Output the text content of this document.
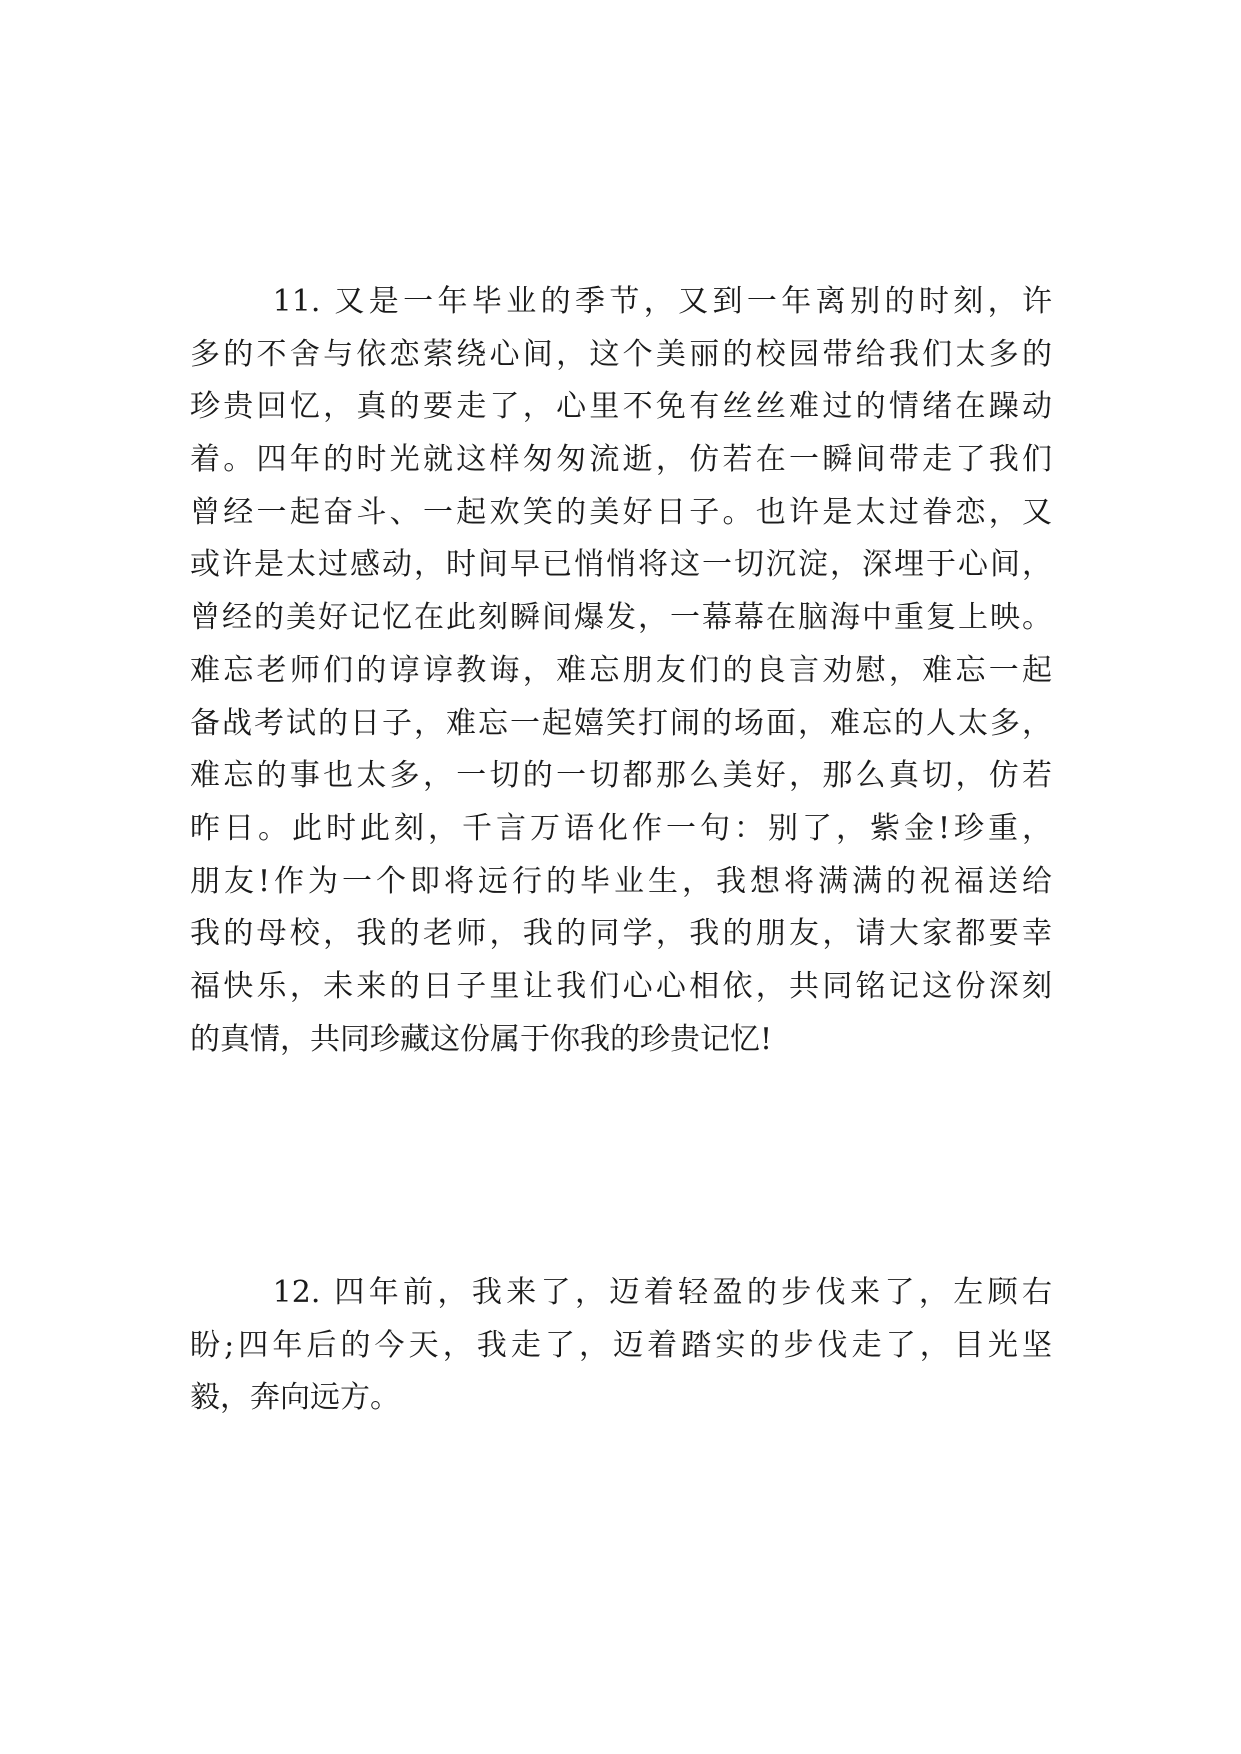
　　 11. 又是一年毕业的季节，又到一年离别的时刻，许
多的不舍与依恋萦绕心间，这个美丽的校园带给我们太多的
珍贵回忆，真的要走了，心里不免有丝丝难过的情绪在躁动
着。四年的时光就这样匆匆流逝，仿若在一瞬间带走了我们
曾经一起奋斗、一起欢笑的美好日子。也许是太过眷恋，又
或许是太过感动，时间早已悄悄将这一切沉淀，深埋于心间，
曾经的美好记忆在此刻瞬间爆发，一幕幕在脑海中重复上映。
难忘老师们的谆谆教诲，难忘朋友们的良言劝慰，难忘一起
备战考试的日子，难忘一起嬉笑打闹的场面，难忘的人太多，
难忘的事也太多，一切的一切都那么美好，那么真切，仿若
昨日。此时此刻，千言万语化作一句：别了，紫金!珍重，
朋友!作为一个即将远行的毕业生，我想将满满的祝福送给
我的母校，我的老师，我的同学，我的朋友，请大家都要幸
福快乐，未来的日子里让我们心心相依，共同铭记这份深刻
的真情，共同珍藏这份属于你我的珍贵记忆!
　　 12. 四年前，我来了，迈着轻盈的步伐来了，左顾右
盼;四年后的今天，我走了，迈着踏实的步伐走了，目光坚
毅，奔向远方。
